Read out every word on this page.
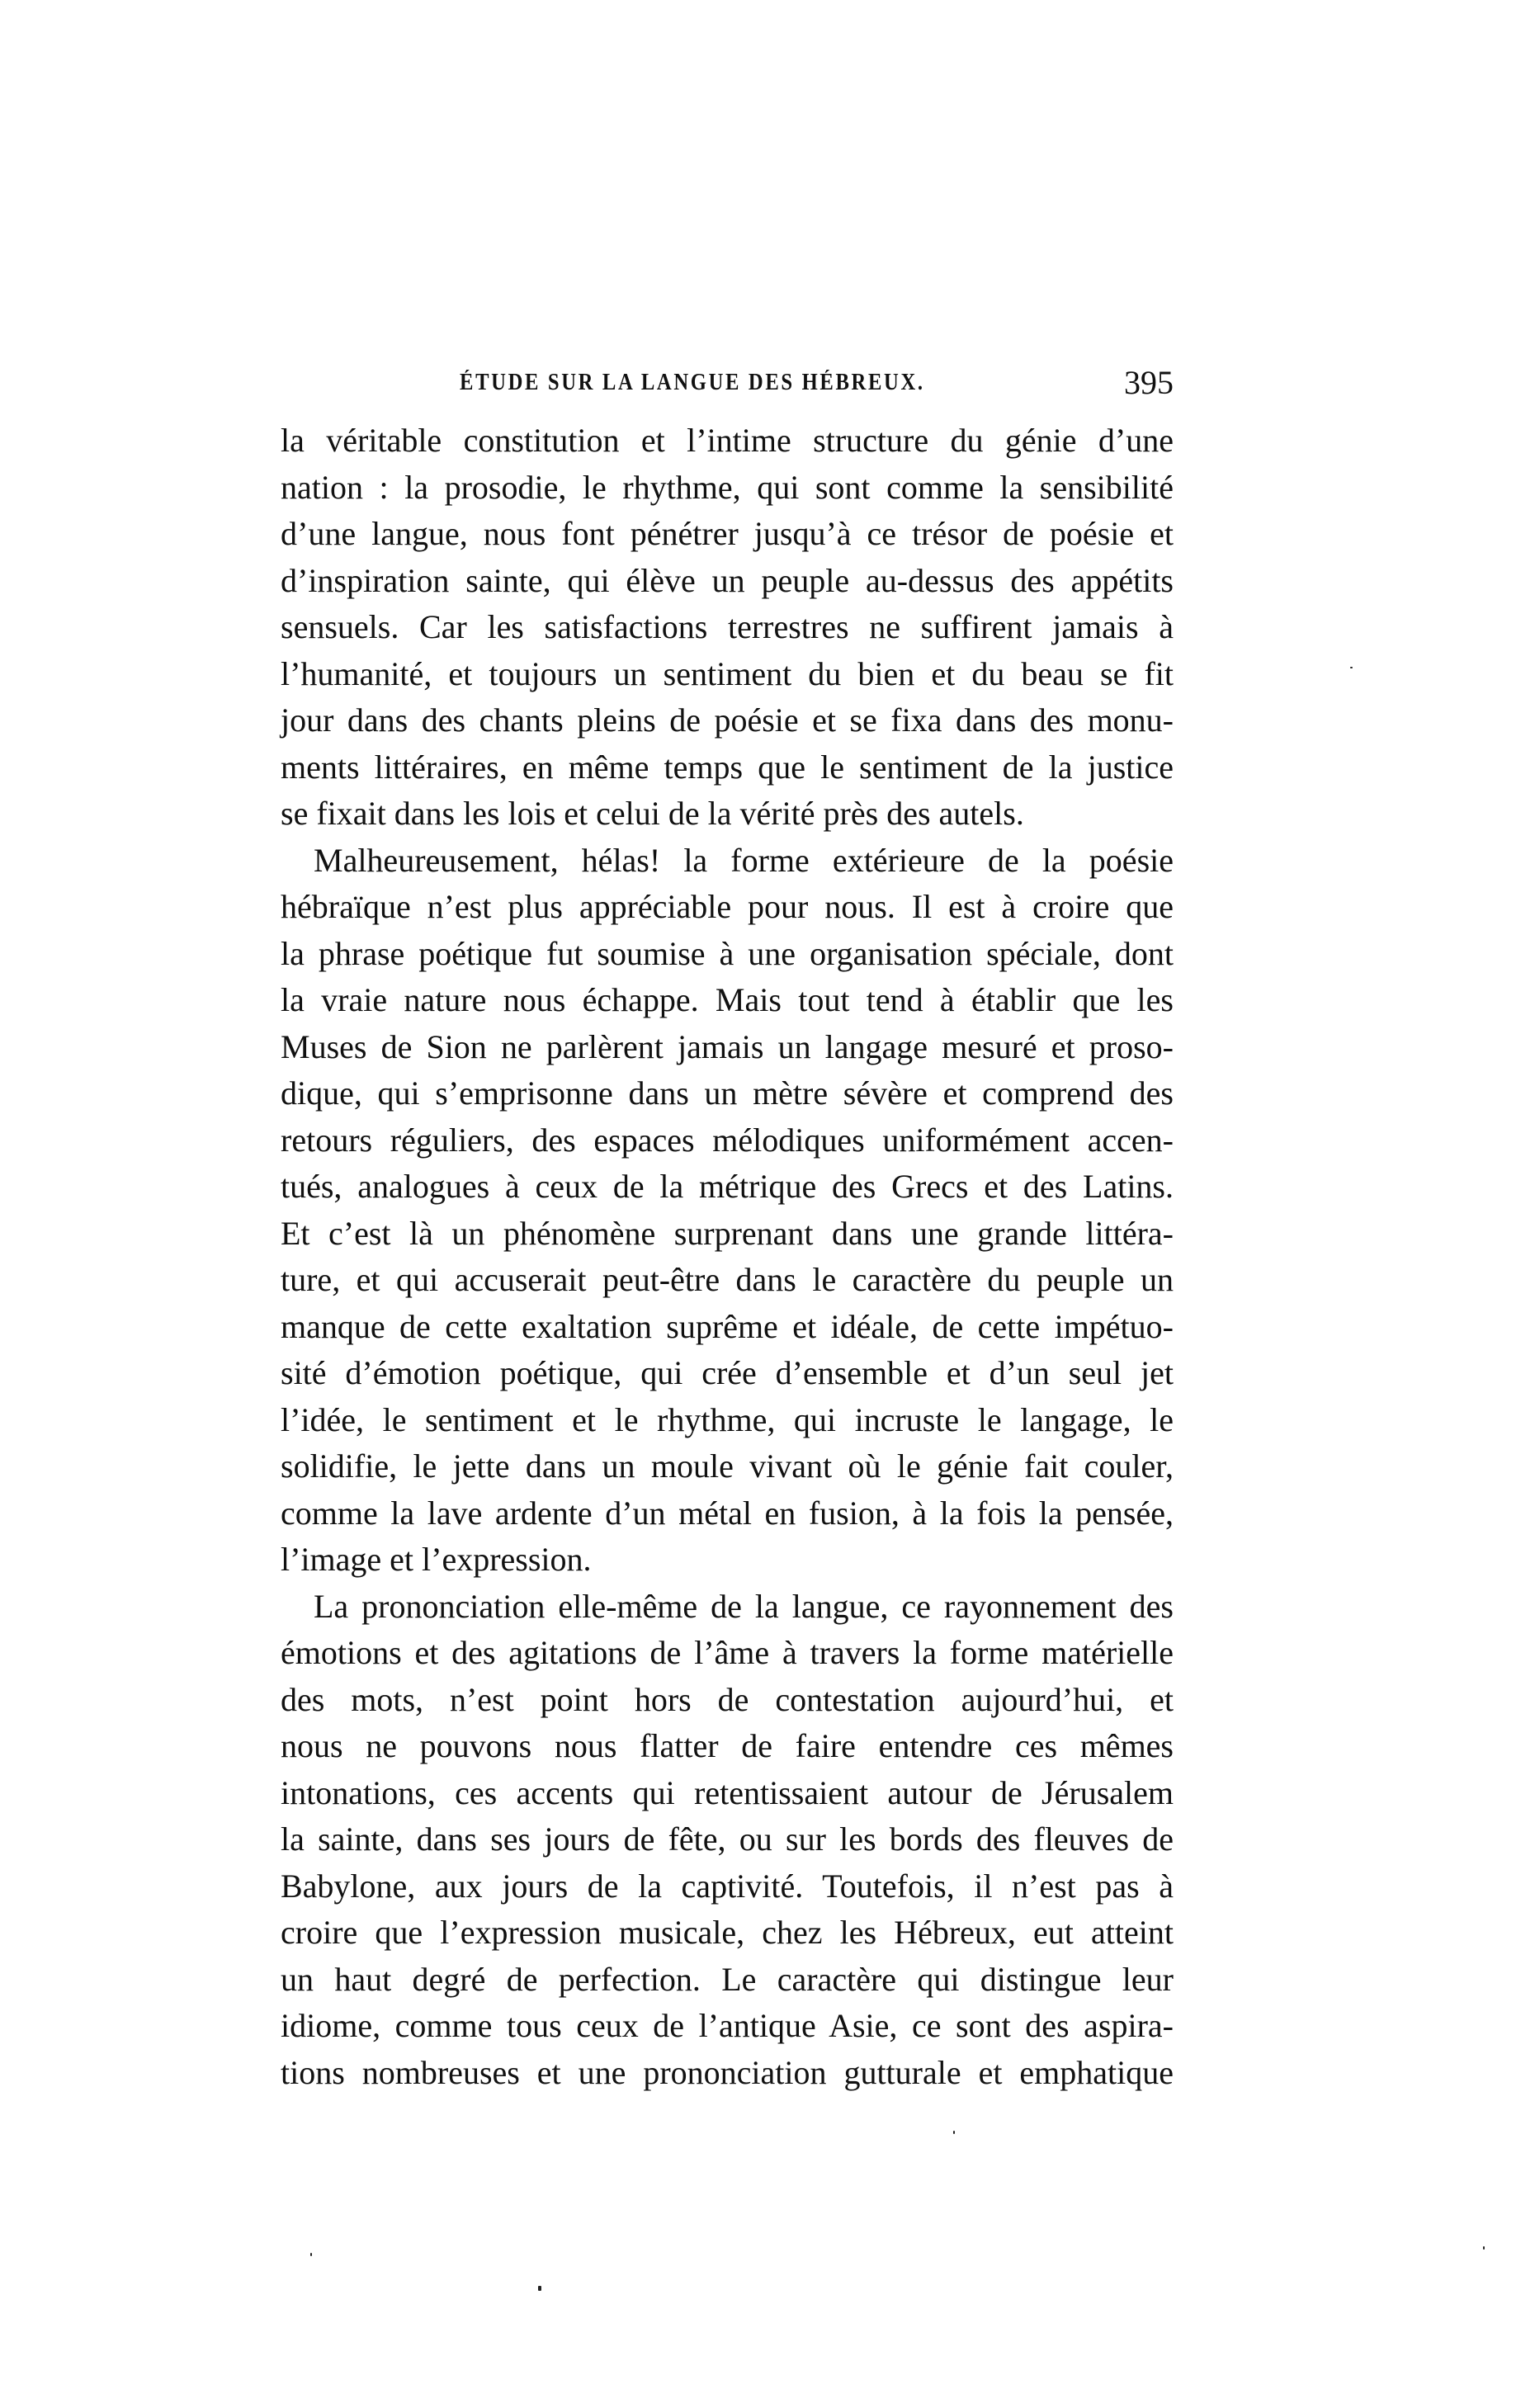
ÉTUDE SUR LA LANGUE DES HÉBREUX.	395
la véritable constitution et l’intime structure du génie d’une
nation : la prosodie, le rhythme, qui sont comme la sensibilité
d’une langue, nous font pénétrer jusqu’à ce trésor de poésie et
d’inspiration sainte, qui élève un peuple au-dessus des appétits
sensuels. Car les satisfactions terrestres ne suffirent jamais à
l’humanité, et toujours un sentiment du bien et du beau se fit
jour dans des chants pleins de poésie et se fixa dans des monu-
ments littéraires, en même temps que le sentiment de la justice
se fixait dans les lois et celui de la vérité près des autels.
Malheureusement, hélas! la forme extérieure de la poésie
hébraïque n’est plus appréciable pour nous. Il est à croire que
la phrase poétique fut soumise à une organisation spéciale, dont
la vraie nature nous échappe. Mais tout tend à établir que les
Muses de Sion ne parlèrent jamais un langage mesuré et proso-
dique, qui s’emprisonne dans un mètre sévère et comprend des
retours réguliers, des espaces mélodiques uniformément accen-
tués, analogues à ceux de la métrique des Grecs et des Latins.
Et c’est là un phénomène surprenant dans une grande littéra-
ture, et qui accuserait peut-être dans le caractère du peuple un
manque de cette exaltation suprême et idéale, de cette impétuo-
sité d’émotion poétique, qui crée d’ensemble et d’un seul jet
l’idée, le sentiment et le rhythme, qui incruste le langage, le
solidifie, le jette dans un moule vivant où le génie fait couler,
comme la lave ardente d’un métal en fusion, à la fois la pensée,
l’image et l’expression.
La prononciation elle-même de la langue, ce rayonnement des
émotions et des agitations de l’âme à travers la forme matérielle
des mots, n’est point hors de contestation aujourd’hui, et
nous ne pouvons nous flatter de faire entendre ces mêmes
intonations, ces accents qui retentissaient autour de Jérusalem
la sainte, dans ses jours de fête, ou sur les bords des fleuves de
Babylone, aux jours de la captivité. Toutefois, il n’est pas à
croire que l’expression musicale, chez les Hébreux, eut atteint
un haut degré de perfection. Le caractère qui distingue leur
idiome, comme tous ceux de l’antique Asie, ce sont des aspira-
tions nombreuses et une prononciation gutturale et emphatique
